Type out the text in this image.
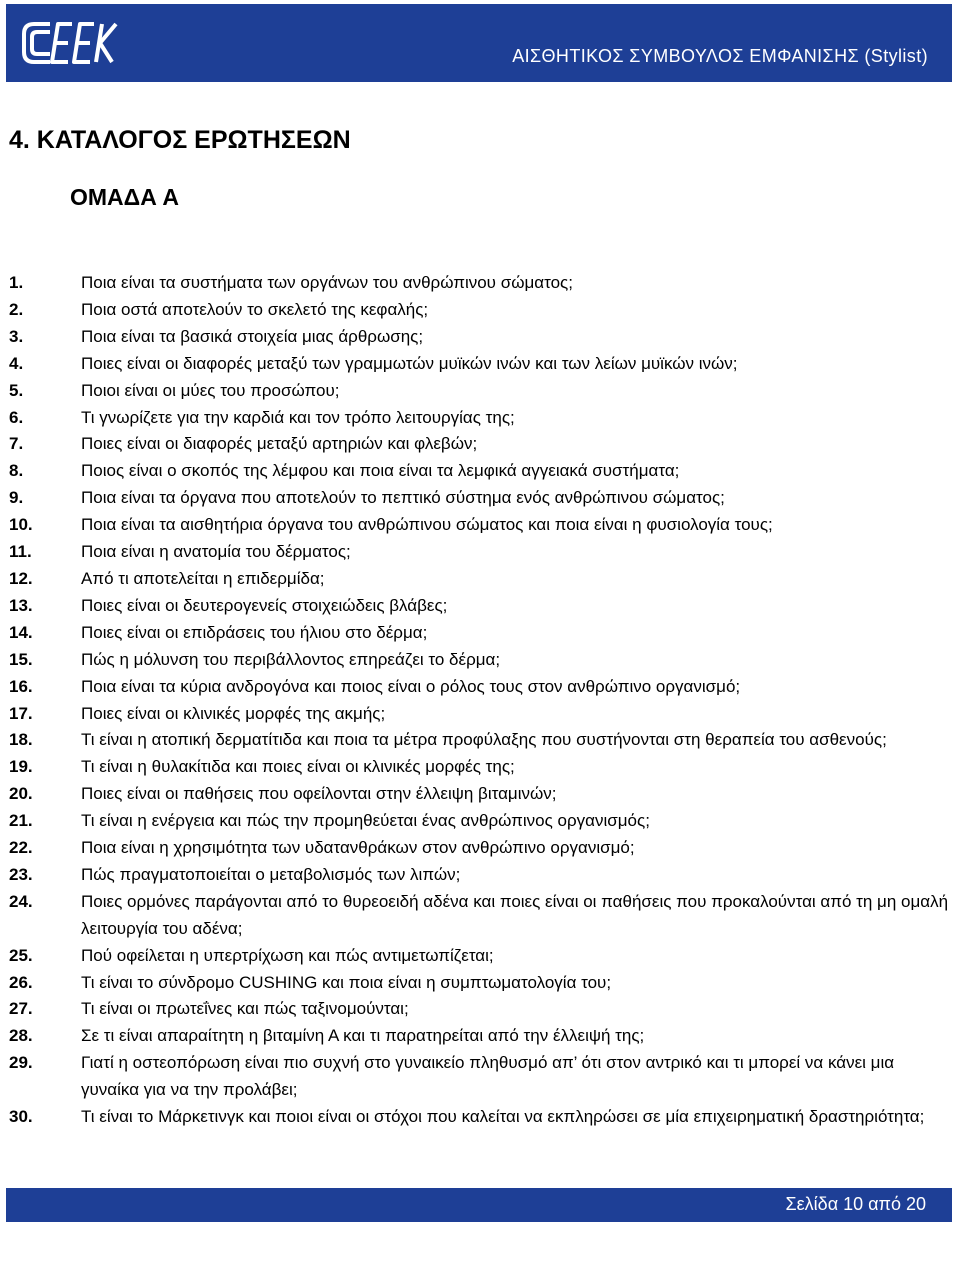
ΑΙΣΘΗΤΙΚΟΣ ΣΥΜΒΟΥΛΟΣ ΕΜΦΑΝΙΣΗΣ (Stylist)
4. ΚΑΤΑΛΟΓΟΣ ΕΡΩΤΗΣΕΩΝ
ΟΜΑΔΑ Α
1.	Ποια είναι τα συστήματα των οργάνων του ανθρώπινου σώματος;
2.	Ποια οστά αποτελούν το σκελετό της κεφαλής;
3.	Ποια είναι τα βασικά στοιχεία μιας άρθρωσης;
4.	Ποιες είναι οι διαφορές μεταξύ των γραμμωτών μυϊκών ινών και των λείων μυϊκών ινών;
5.	Ποιοι είναι οι μύες του προσώπου;
6.	Τι γνωρίζετε για την καρδιά και τον τρόπο λειτουργίας της;
7.	Ποιες είναι οι διαφορές μεταξύ αρτηριών και φλεβών;
8.	Ποιος είναι ο σκοπός της λέμφου και ποια είναι τα λεμφικά αγγειακά συστήματα;
9.	Ποια είναι τα όργανα που αποτελούν το πεπτικό σύστημα ενός ανθρώπινου σώματος;
10.	Ποια είναι τα αισθητήρια όργανα του ανθρώπινου σώματος και ποια είναι η φυσιολογία τους;
11.	Ποια είναι η ανατομία του δέρματος;
12.	Από τι αποτελείται η επιδερμίδα;
13.	Ποιες είναι οι δευτερογενείς στοιχειώδεις βλάβες;
14.	Ποιες είναι οι επιδράσεις του ήλιου στο δέρμα;
15.	Πώς η μόλυνση του περιβάλλοντος επηρεάζει το δέρμα;
16.	Ποια είναι τα κύρια ανδρογόνα και ποιος είναι ο ρόλος τους στον ανθρώπινο οργανισμό;
17.	Ποιες είναι οι κλινικές μορφές της ακμής;
18.	Τι είναι η ατοπική δερματίτιδα και ποια τα μέτρα προφύλαξης που συστήνονται στη θεραπεία του ασθενούς;
19.	Τι είναι η θυλακίτιδα και ποιες είναι οι κλινικές μορφές της;
20.	Ποιες είναι οι παθήσεις που οφείλονται στην έλλειψη βιταμινών;
21.	Τι είναι η ενέργεια και πώς την προμηθεύεται ένας ανθρώπινος οργανισμός;
22.	Ποια είναι η χρησιμότητα των υδατανθράκων στον ανθρώπινο οργανισμό;
23.	Πώς πραγματοποιείται ο μεταβολισμός των λιπών;
24.	Ποιες ορμόνες παράγονται από το θυρεοειδή αδένα και ποιες είναι οι παθήσεις που προκαλούνται από τη μη ομαλή λειτουργία του αδένα;
25.	Πού οφείλεται η υπερτρίχωση και πώς αντιμετωπίζεται;
26.	Τι είναι το σύνδρομο CUSHING και ποια είναι η συμπτωματολογία του;
27.	Τι είναι οι πρωτεΐνες και πώς ταξινομούνται;
28.	Σε τι είναι απαραίτητη η βιταμίνη Α και τι παρατηρείται από την έλλειψή της;
29.	Γιατί η οστεοπόρωση είναι πιο συχνή στο γυναικείο πληθυσμό απ’ ότι στον αντρικό και τι μπορεί να κάνει μια γυναίκα για να την προλάβει;
30.	Τι είναι το Μάρκετινγκ και ποιοι είναι οι στόχοι που καλείται να εκπληρώσει σε μία επιχειρηματική δραστηριότητα;
Σελίδα 10 από 20
